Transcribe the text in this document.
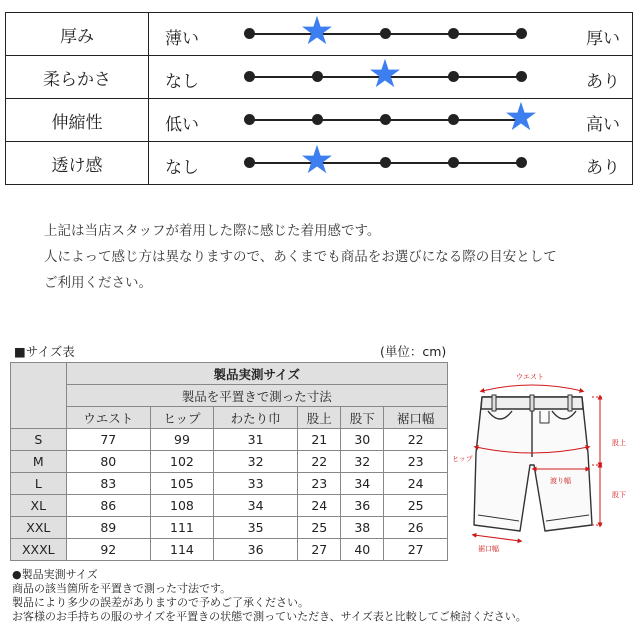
厚み	薄い 厚い
★

柔らかさ	なし あり
★

伸縮性	低い 高い
★

透け感	なし あり
★

上記は当店スタッフが着用した際に感じた着用感です。

人によって感じ方は異なりますので、あくまでも商品をお選びになる際の目安として

ご利用ください。

■サイズ表	(単位：cm)
	製品実測サイズ					
	製品を平置きで測った寸法					
	ウエスト	ヒップ	わたり巾	股上	股下	裾口幅
S	77	99	31	21	30	22
M	80	102	32	22	32	23
L	83	105	33	23	34	24
XL	86	108	34	24	36	25
XXL	89	111	35	25	38	26
XXXL	92	114	36	27	40	27
ウエスト
ヒップ
渡り幅
股上
股下
裾口幅

●製品実測サイズ

商品の該当箇所を平置きで測った寸法です。

製品により多少の誤差がありますので予めご了承ください。

お客様のお手持ちの服のサイズを平置きの状態で測っていただき、サイズ表と比較してご検討ください。
